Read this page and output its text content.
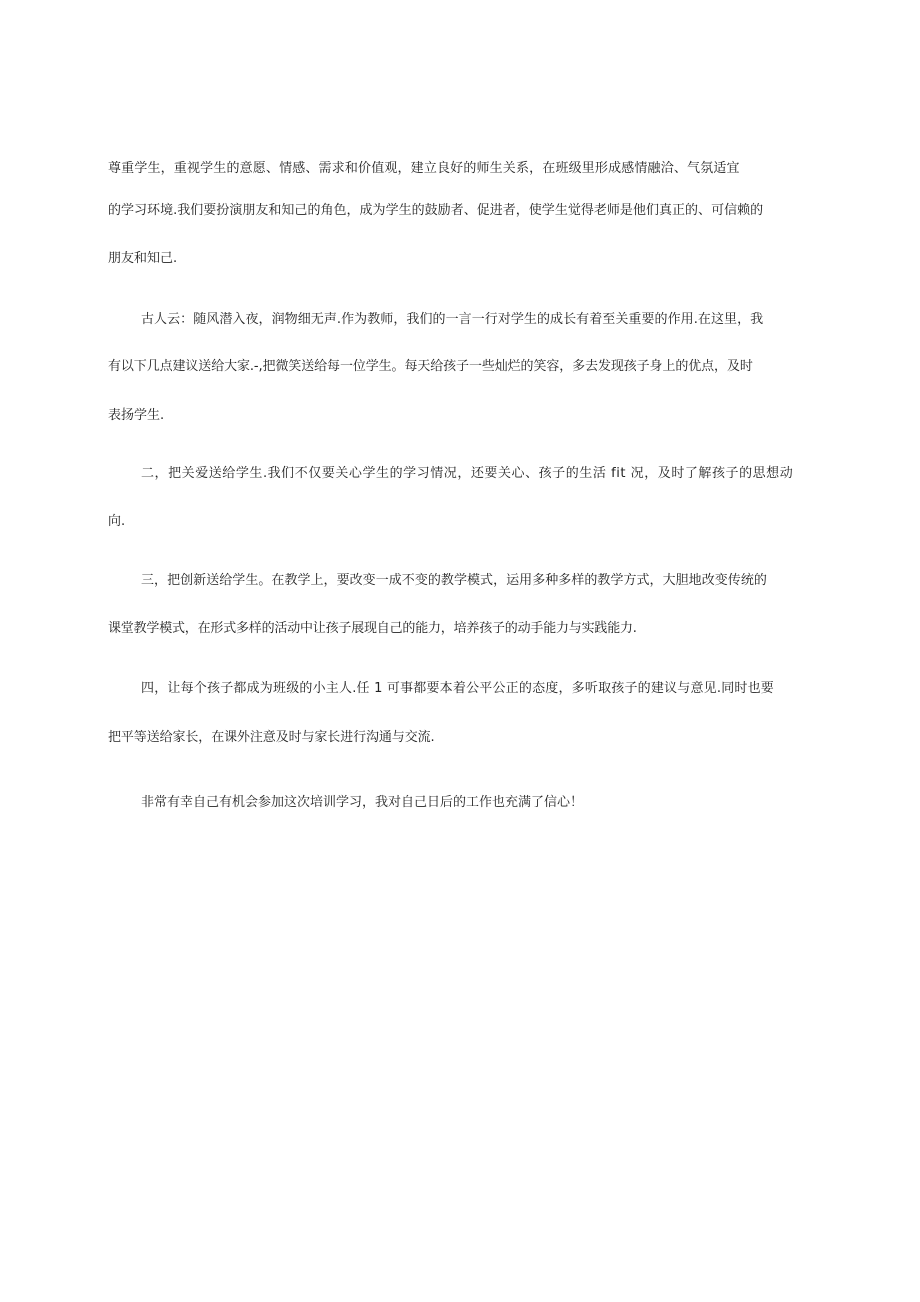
尊重学生，重视学生的意愿、情感、需求和价值观，建立良好的师生关系，在班级里形成感情融洽、气氛适宜
的学习环境.我们要扮演朋友和知己的角色，成为学生的鼓励者、促进者，使学生觉得老师是他们真正的、可信赖的
朋友和知己.
古人云：随风潜入夜，润物细无声.作为教师，我们的一言一行对学生的成长有着至关重要的作用.在这里，我
有以下几点建议送给大家.-,把微笑送给每一位学生。每天给孩子一些灿烂的笑容，多去发现孩子身上的优点，及时
表扬学生.
二，把关爱送给学生.我们不仅要关心学生的学习情况，还要关心、孩子的生活 fit 况，及时了解孩子的思想动
向.
三，把创新送给学生。在教学上，要改变一成不变的教学模式，运用多种多样的教学方式，大胆地改变传统的
课堂教学模式，在形式多样的活动中让孩子展现自己的能力，培养孩子的动手能力与实践能力.
四，让每个孩子都成为班级的小主人.任 1 可事都要本着公平公正的态度，多听取孩子的建议与意见.同时也要
把平等送给家长，在课外注意及时与家长进行沟通与交流.
非常有幸自己有机会参加这次培训学习，我对自己日后的工作也充满了信心！
